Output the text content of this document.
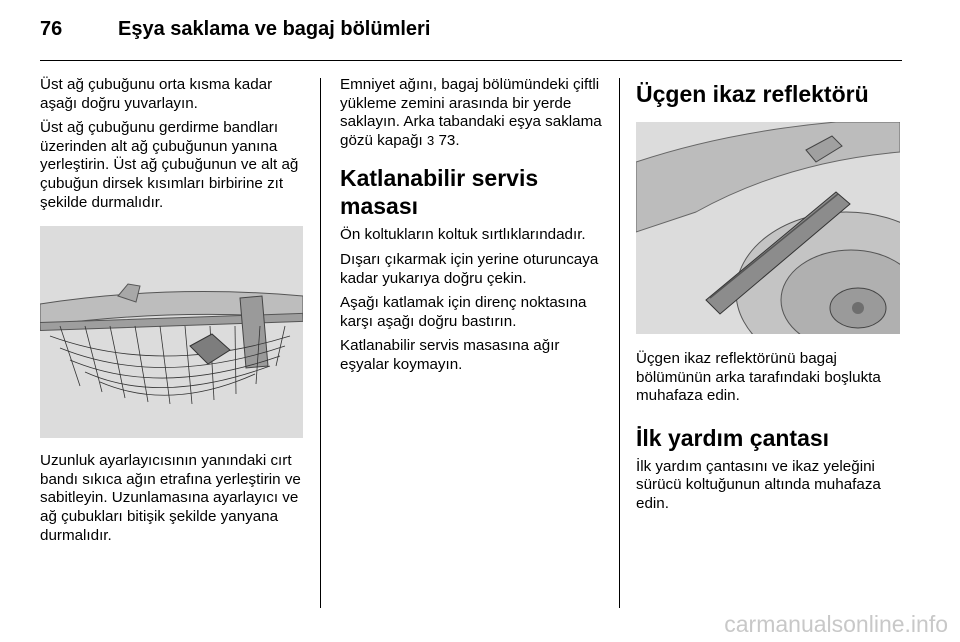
76	Eşya saklama ve bagaj bölümleri

Üst ağ çubuğunu orta kısma kadar aşağı doğru yuvarlayın.

Üst ağ çubuğunu gerdirme bandları üzerinden alt ağ çubuğunun yanına yerleştirin. Üst ağ çubuğunun ve alt ağ çubuğun dirsek kısımları birbirine zıt şekilde durmalıdır.

Uzunluk ayarlayıcısının yanındaki cırt bandı sıkıca ağın etrafına yerleştirin ve sabitleyin. Uzunlamasına ayarlayıcı ve ağ çubukları bitişik şekilde yanyana durmalıdır.

Emniyet ağını, bagaj bölümündeki çiftli yükleme zemini arasında bir yerde saklayın. Arka tabandaki eşya saklama gözü kapağı 3 73.

Katlanabilir servis masası

Ön koltukların koltuk sırtlıklarındadır.

Dışarı çıkarmak için yerine oturuncaya kadar yukarıya doğru çekin.

Aşağı katlamak için direnç noktasına karşı aşağı doğru bastırın.

Katlanabilir servis masasına ağır eşyalar koymayın.

Üçgen ikaz reflektörü

Üçgen ikaz reflektörünü bagaj bölümünün arka tarafındaki boşlukta muhafaza edin.

İlk yardım çantası

İlk yardım çantasını ve ikaz yeleğini sürücü koltuğunun altında muhafaza edin.

carmanualsonline.info
